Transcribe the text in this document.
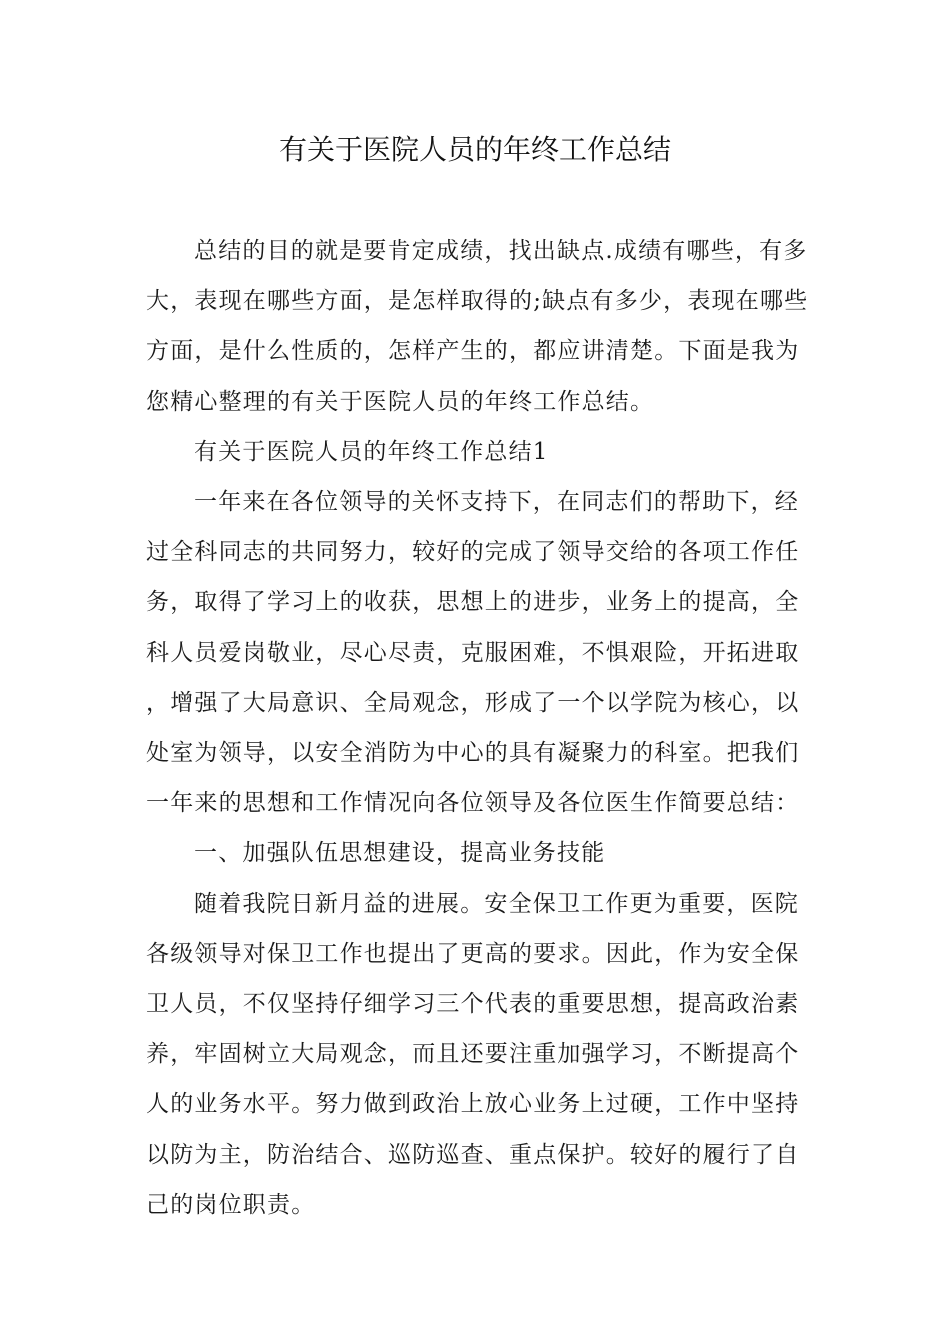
有关于医院人员的年终工作总结

总结的目的就是要肯定成绩，找出缺点.成绩有哪些，有多大，表现在哪些方面，是怎样取得的;缺点有多少，表现在哪些方面，是什么性质的，怎样产生的，都应讲清楚。下面是我为您精心整理的有关于医院人员的年终工作总结。

有关于医院人员的年终工作总结1

一年来在各位领导的关怀支持下，在同志们的帮助下，经过全科同志的共同努力，较好的完成了领导交给的各项工作任务，取得了学习上的收获，思想上的进步，业务上的提高，全科人员爱岗敬业，尽心尽责，克服困难，不惧艰险，开拓进取，增强了大局意识、全局观念，形成了一个以学院为核心，以处室为领导，以安全消防为中心的具有凝聚力的科室。把我们一年来的思想和工作情况向各位领导及各位医生作简要总结：

一、加强队伍思想建设，提高业务技能

随着我院日新月益的进展。安全保卫工作更为重要，医院各级领导对保卫工作也提出了更高的要求。因此，作为安全保卫人员，不仅坚持仔细学习三个代表的重要思想，提高政治素养，牢固树立大局观念，而且还要注重加强学习，不断提高个人的业务水平。努力做到政治上放心业务上过硬，工作中坚持以防为主，防治结合、巡防巡查、重点保护。较好的履行了自己的岗位职责。
